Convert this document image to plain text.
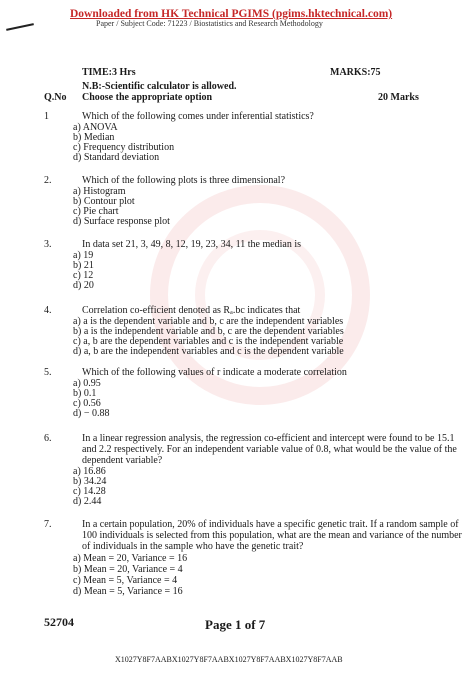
Downloaded from HK Technical PGIMS (pgims.hktechnical.com)
Paper / Subject Code: 71223 / Biostatistics and Research Methodology
TIME:3 Hrs	MARKS:75
N.B:-Scientific calculator is allowed.
Q.No Choose the appropriate option	20 Marks
1	Which of the following comes under inferential statistics?
a) ANOVA
b) Median
c) Frequency distribution
d) Standard deviation
2.	Which of the following plots is three dimensional?
a) Histogram
b) Contour plot
c) Pie chart
d) Surface response plot
3.	In data set 21, 3, 49, 8, 12, 19, 23, 34, 11 the median is
a) 19
b) 21
c) 12
d) 20
4.	Correlation co-efficient denoted as Rₐ.bc indicates that
a) a is the dependent variable and b, c are the independent variables
b) a is the independent variable and b, c are the dependent variables
c) a, b are the dependent variables and c is the independent variable
d) a, b are the independent variables and c is the dependent variable
5.	Which of the following values of r indicate a moderate correlation
a) 0.95
b) 0.1
c) 0.56
d) − 0.88
6.	In a linear regression analysis, the regression co-efficient and intercept were found to be 15.1
and 2.2 respectively. For an independent variable value of 0.8, what would be the value of the
dependent variable?
a) 16.86
b) 34.24
c) 14.28
d) 2.44
7.	In a certain population, 20% of individuals have a specific genetic trait. If a random sample of
100 individuals is selected from this population, what are the mean and variance of the number
of individuals in the sample who have the genetic trait?
a) Mean = 20, Variance = 16
b) Mean = 20, Variance = 4
c) Mean = 5, Variance = 4
d) Mean = 5, Variance = 16
52704	Page 1 of 7
X1027Y8F7AABX1027Y8F7AABX1027Y8F7AABX1027Y8F7AAB
